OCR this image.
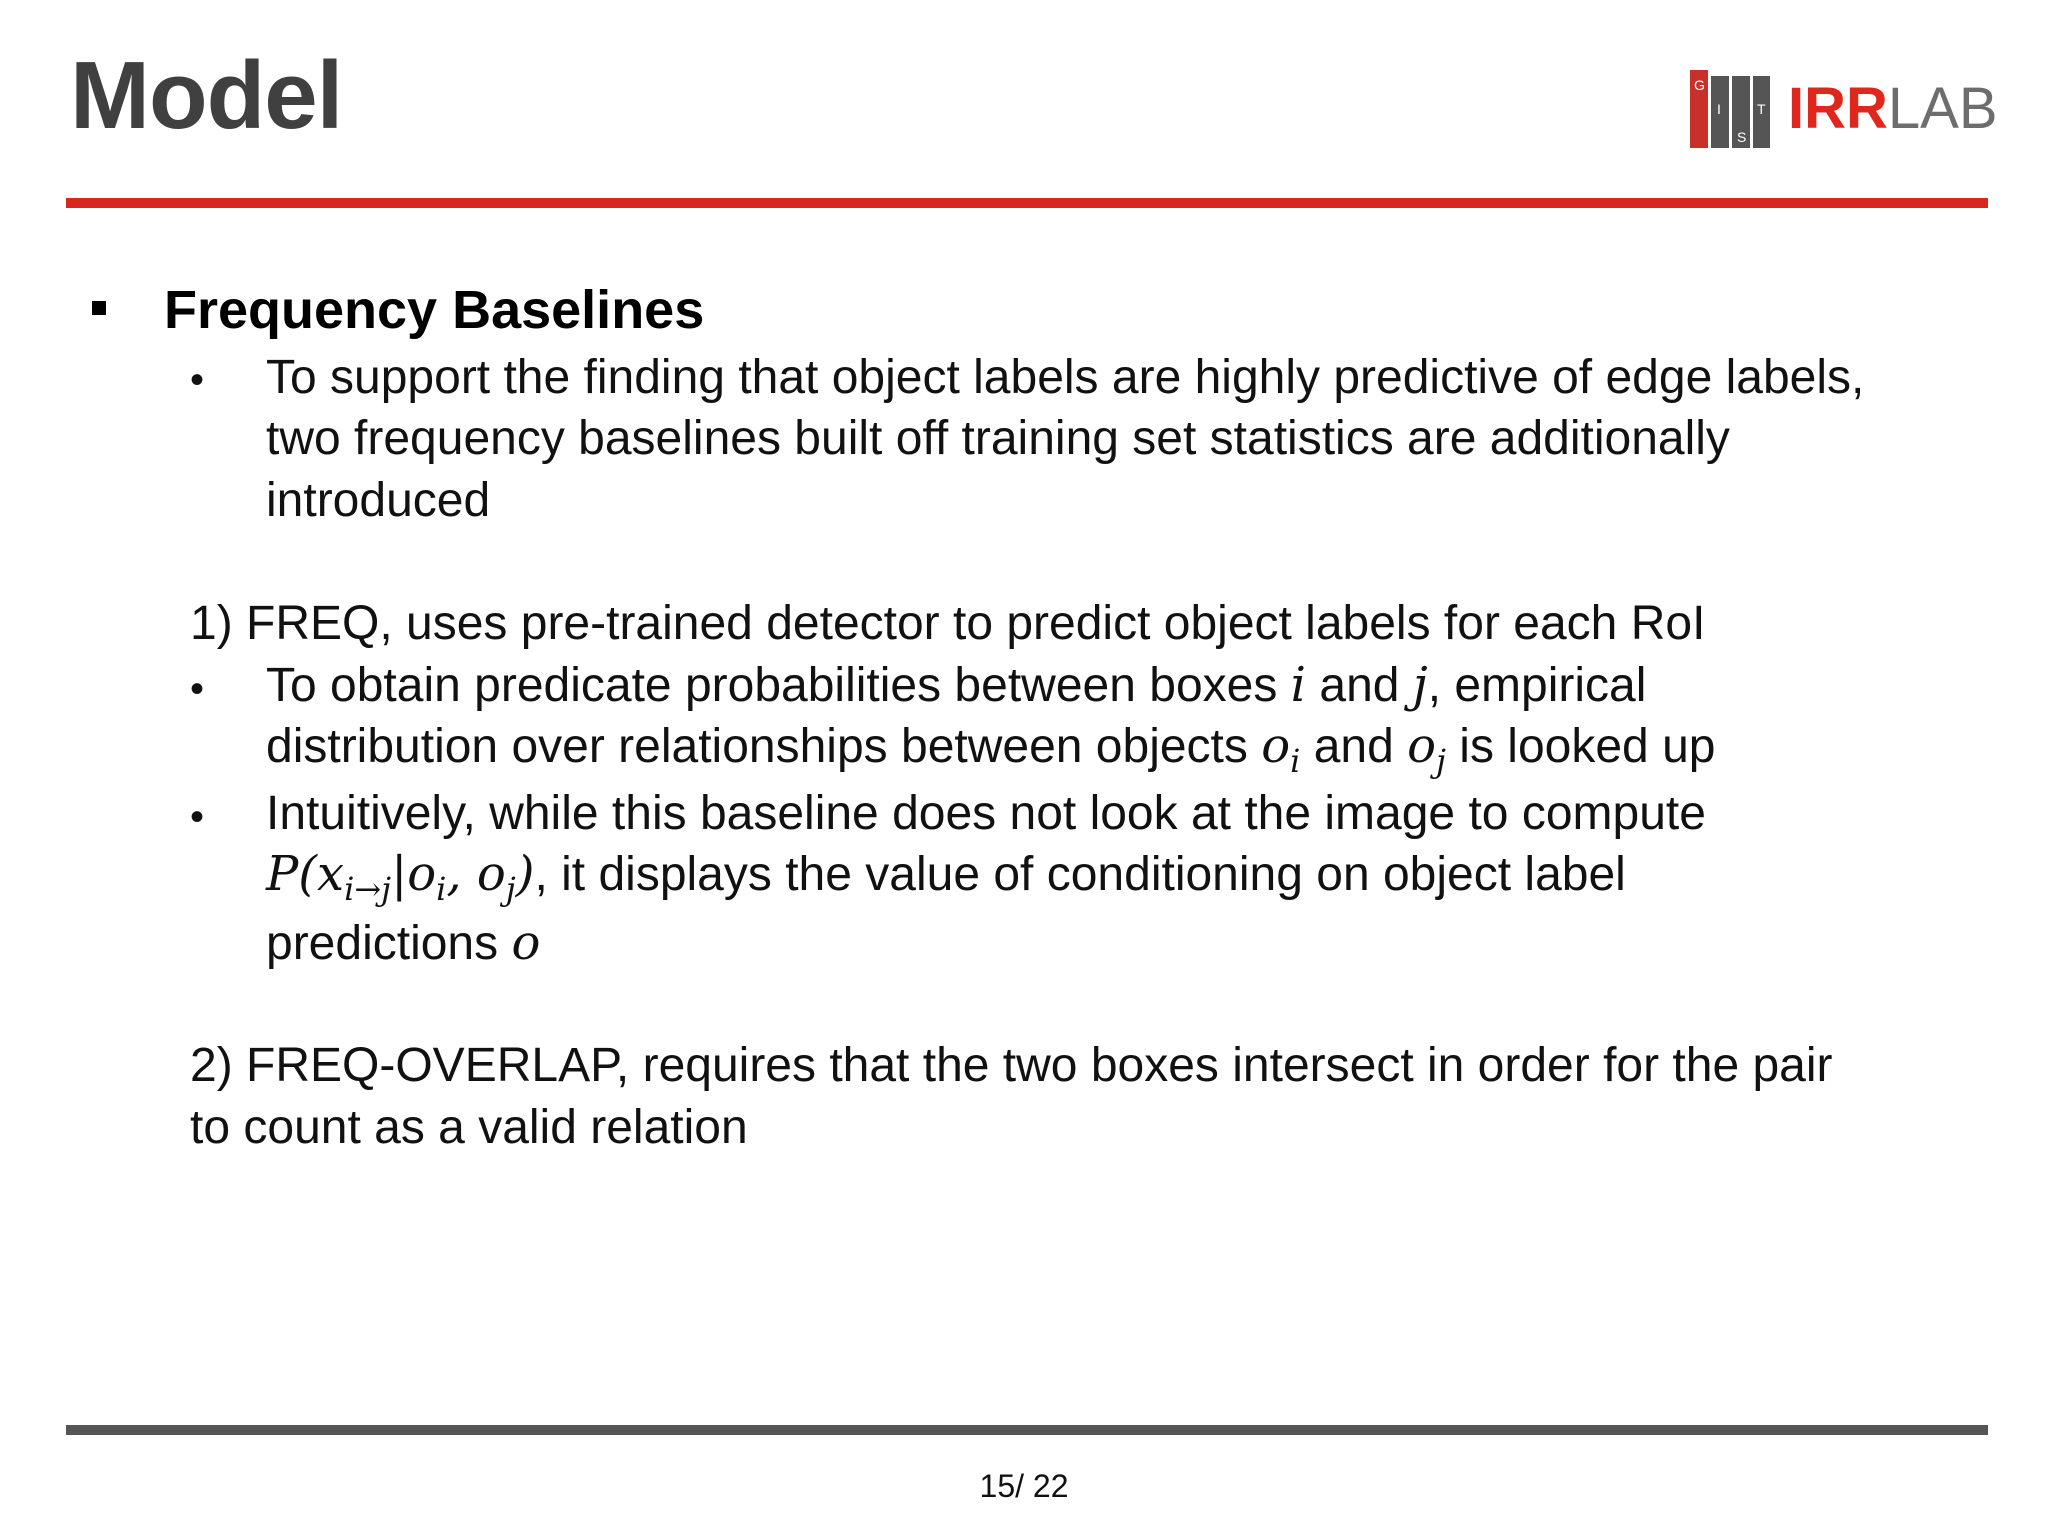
Model	G
I
S
T IRRLAB
Frequency Baselines
• To support the finding that object labels are highly predictive of edge labels,
two frequency baselines built off training set statistics are additionally
introduced
1) FREQ, uses pre-trained detector to predict object labels for each RoI
• To obtain predicate probabilities between boxes i and j, empirical
distribution over relationships between objects $o_i$ and $o_j$ is looked up
• Intuitively, while this baseline does not look at the image to compute
$P(x_{i\to j}|o_i$, $o_j$), it displays the value of conditioning on object label
predictions o
2) FREQ-OVERLAP, requires that the two boxes intersect in order for the pair
to count as a valid relation
15/ 22
